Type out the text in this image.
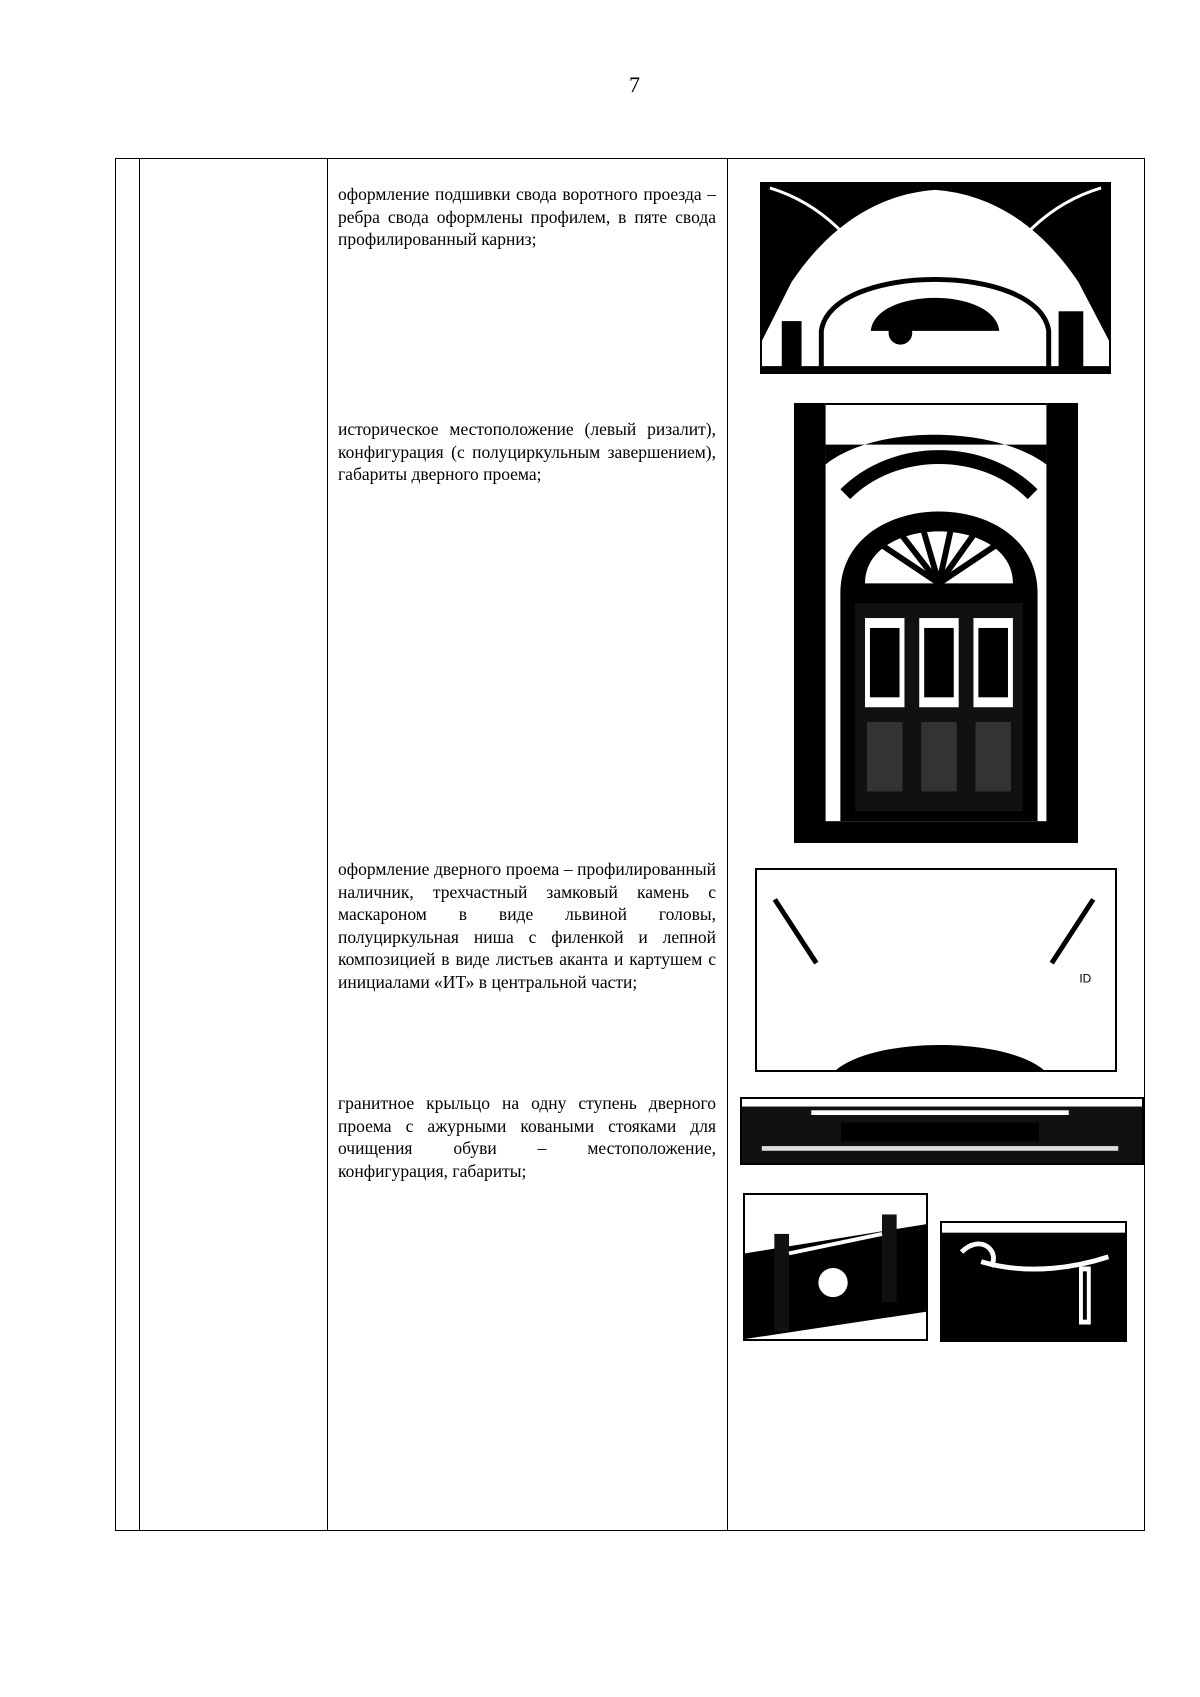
7
оформление подшивки свода воротного проезда – ребра свода оформлены профилем, в пяте свода профилированный карниз;
историческое местоположение (левый ризалит), конфигурация (с полуциркульным завершением), габариты дверного проема;
оформление дверного проема – профилированный наличник, трехчастный замковый камень с маскароном в виде львиной головы, полуциркульная ниша с филенкой и лепной композицией в виде листьев аканта и картушем с инициалами «ИТ» в центральной части;	ID
гранитное крыльцо на одну ступень дверного проема с ажурными коваными стояками для очищения обуви – местоположение, конфигурация, габариты;
